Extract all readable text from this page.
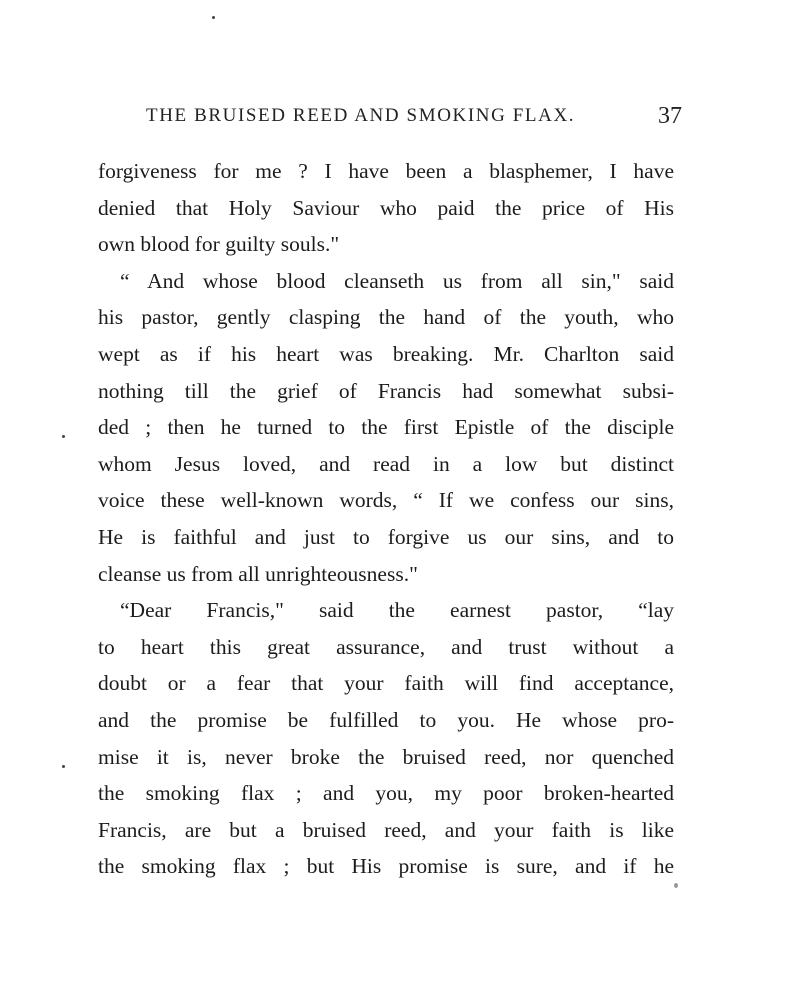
THE BRUISED REED AND SMOKING FLAX.	37
forgiveness for me ? I have been a blasphemer, I have
denied that Holy Saviour who paid the price of His
own blood for guilty souls."
“ And whose blood cleanseth us from all sin," said
his pastor, gently clasping the hand of the youth, who
wept as if his heart was breaking. Mr. Charlton said
nothing till the grief of Francis had somewhat subsi-
ded ; then he turned to the first Epistle of the disciple
whom Jesus loved, and read in a low but distinct
voice these well-known words, “ If we confess our sins,
He is faithful and just to forgive us our sins, and to
cleanse us from all unrighteousness."
“Dear Francis," said the earnest pastor, “lay
to heart this great assurance, and trust without a
doubt or a fear that your faith will find acceptance,
and the promise be fulfilled to you. He whose pro-
mise it is, never broke the bruised reed, nor quenched
the smoking flax ; and you, my poor broken-hearted
Francis, are but a bruised reed, and your faith is like
the smoking flax ; but His promise is sure, and if he
